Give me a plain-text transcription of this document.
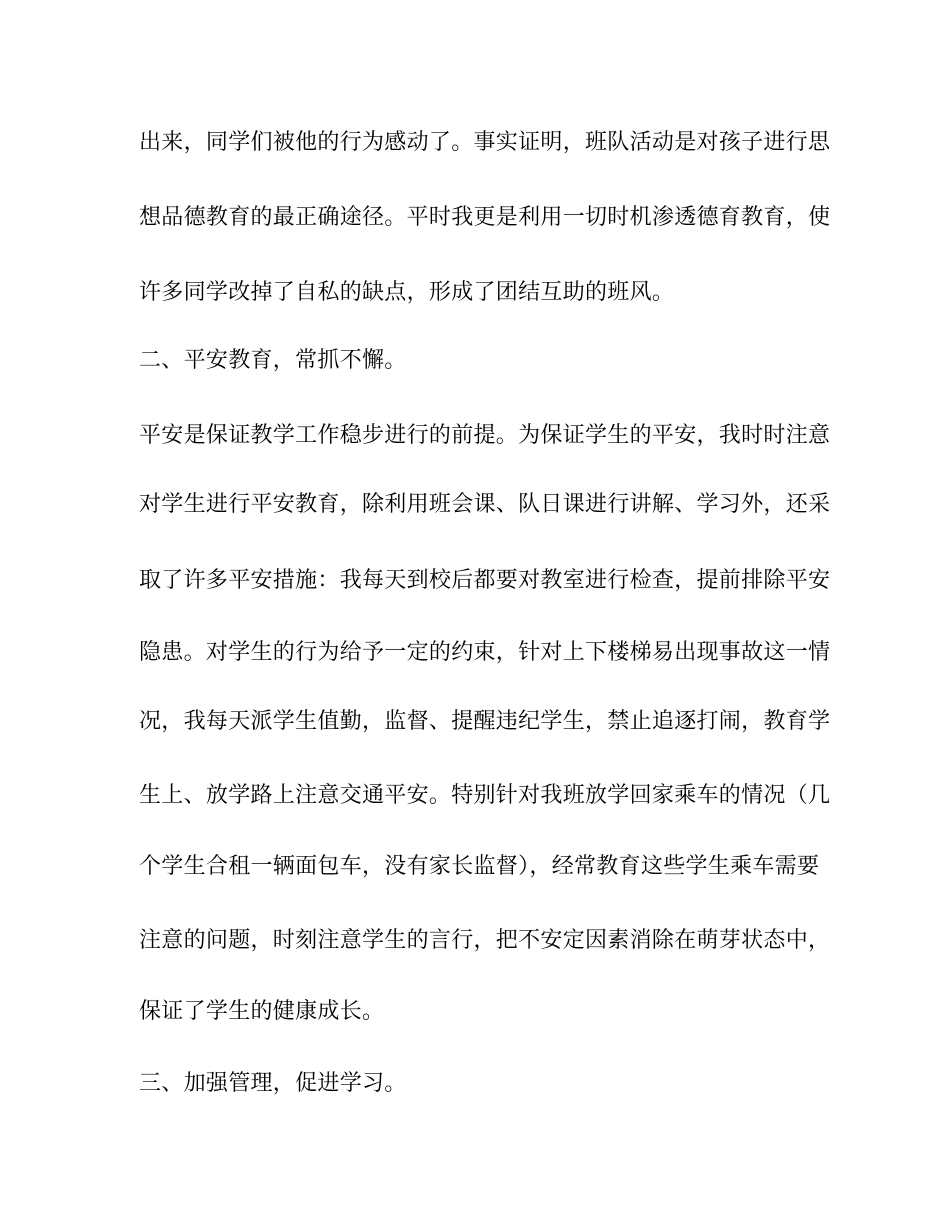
出来，同学们被他的行为感动了。事实证明，班队活动是对孩子进行思
想品德教育的最正确途径。平时我更是利用一切时机渗透德育教育，使
许多同学改掉了自私的缺点，形成了团结互助的班风。
二、平安教育，常抓不懈。
平安是保证教学工作稳步进行的前提。为保证学生的平安，我时时注意
对学生进行平安教育，除利用班会课、队日课进行讲解、学习外，还采
取了许多平安措施：我每天到校后都要对教室进行检查，提前排除平安
隐患。对学生的行为给予一定的约束，针对上下楼梯易出现事故这一情
况，我每天派学生值勤，监督、提醒违纪学生，禁止追逐打闹，教育学
生上、放学路上注意交通平安。特别针对我班放学回家乘车的情况（几
个学生合租一辆面包车，没有家长监督），经常教育这些学生乘车需要
注意的问题，时刻注意学生的言行，把不安定因素消除在萌芽状态中，
保证了学生的健康成长。
三、加强管理，促进学习。
